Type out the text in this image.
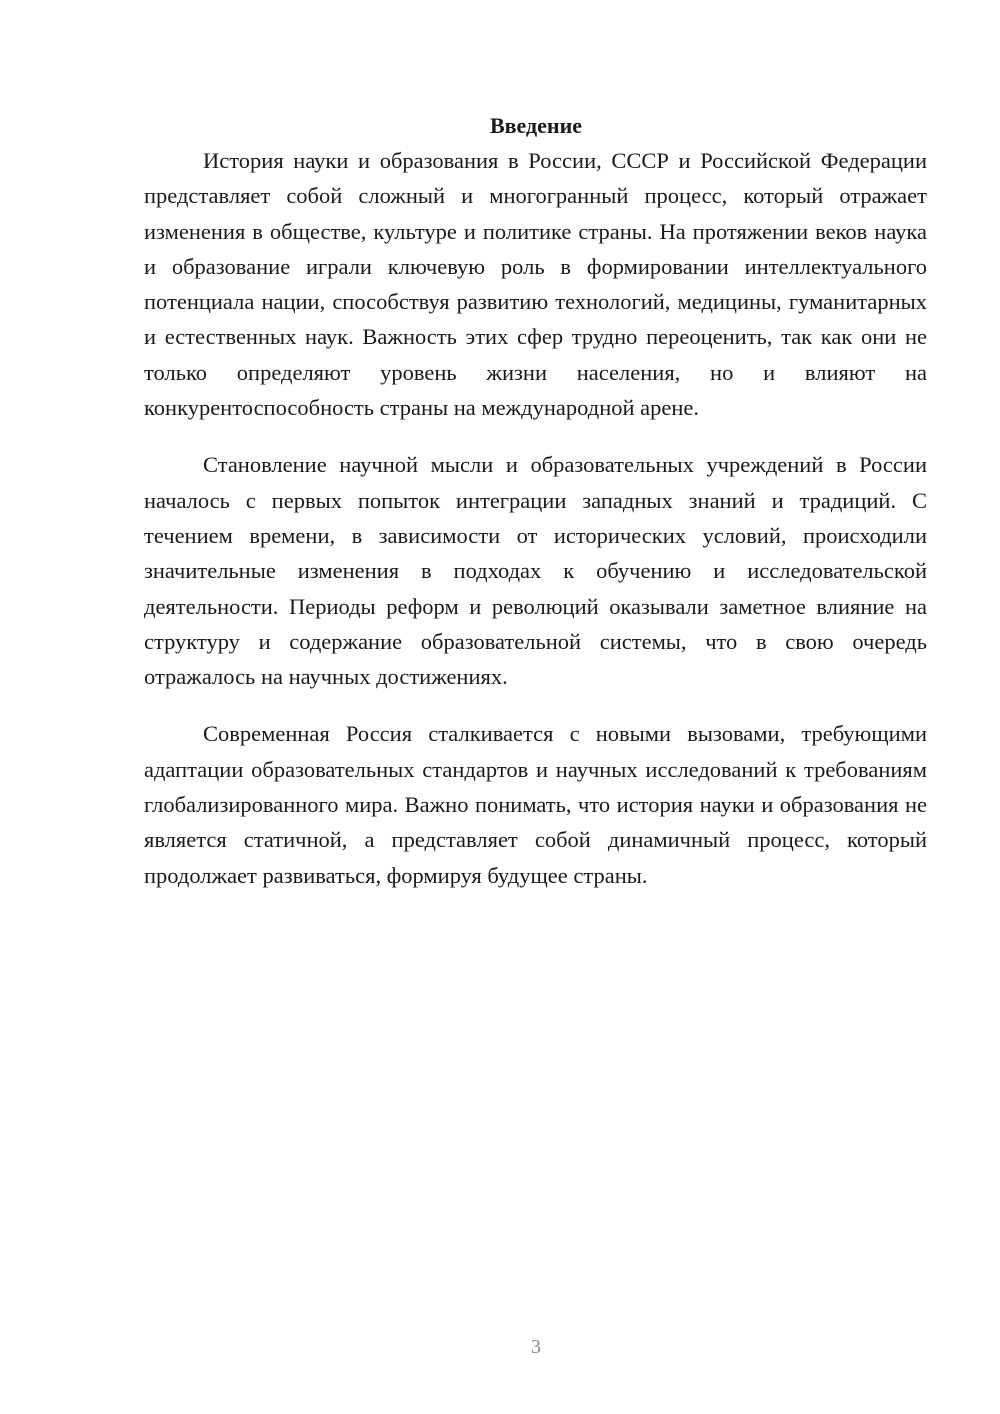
Введение

История науки и образования в России, СССР и Российской Федерации представляет собой сложный и многогранный процесс, который отражает изменения в обществе, культуре и политике страны. На протяжении веков наука и образование играли ключевую роль в формировании интеллектуального потенциала нации, способствуя развитию технологий, медицины, гуманитарных и естественных наук. Важность этих сфер трудно переоценить, так как они не только определяют уровень жизни населения, но и влияют на конкурентоспособность страны на международной арене.

Становление научной мысли и образовательных учреждений в России началось с первых попыток интеграции западных знаний и традиций. С течением времени, в зависимости от исторических условий, происходили значительные изменения в подходах к обучению и исследовательской деятельности. Периоды реформ и революций оказывали заметное влияние на структуру и содержание образовательной системы, что в свою очередь отражалось на научных достижениях.

Современная Россия сталкивается с новыми вызовами, требующими адаптации образовательных стандартов и научных исследований к требованиям глобализированного мира. Важно понимать, что история науки и образования не является статичной, а представляет собой динамичный процесс, который продолжает развиваться, формируя будущее страны.

3
